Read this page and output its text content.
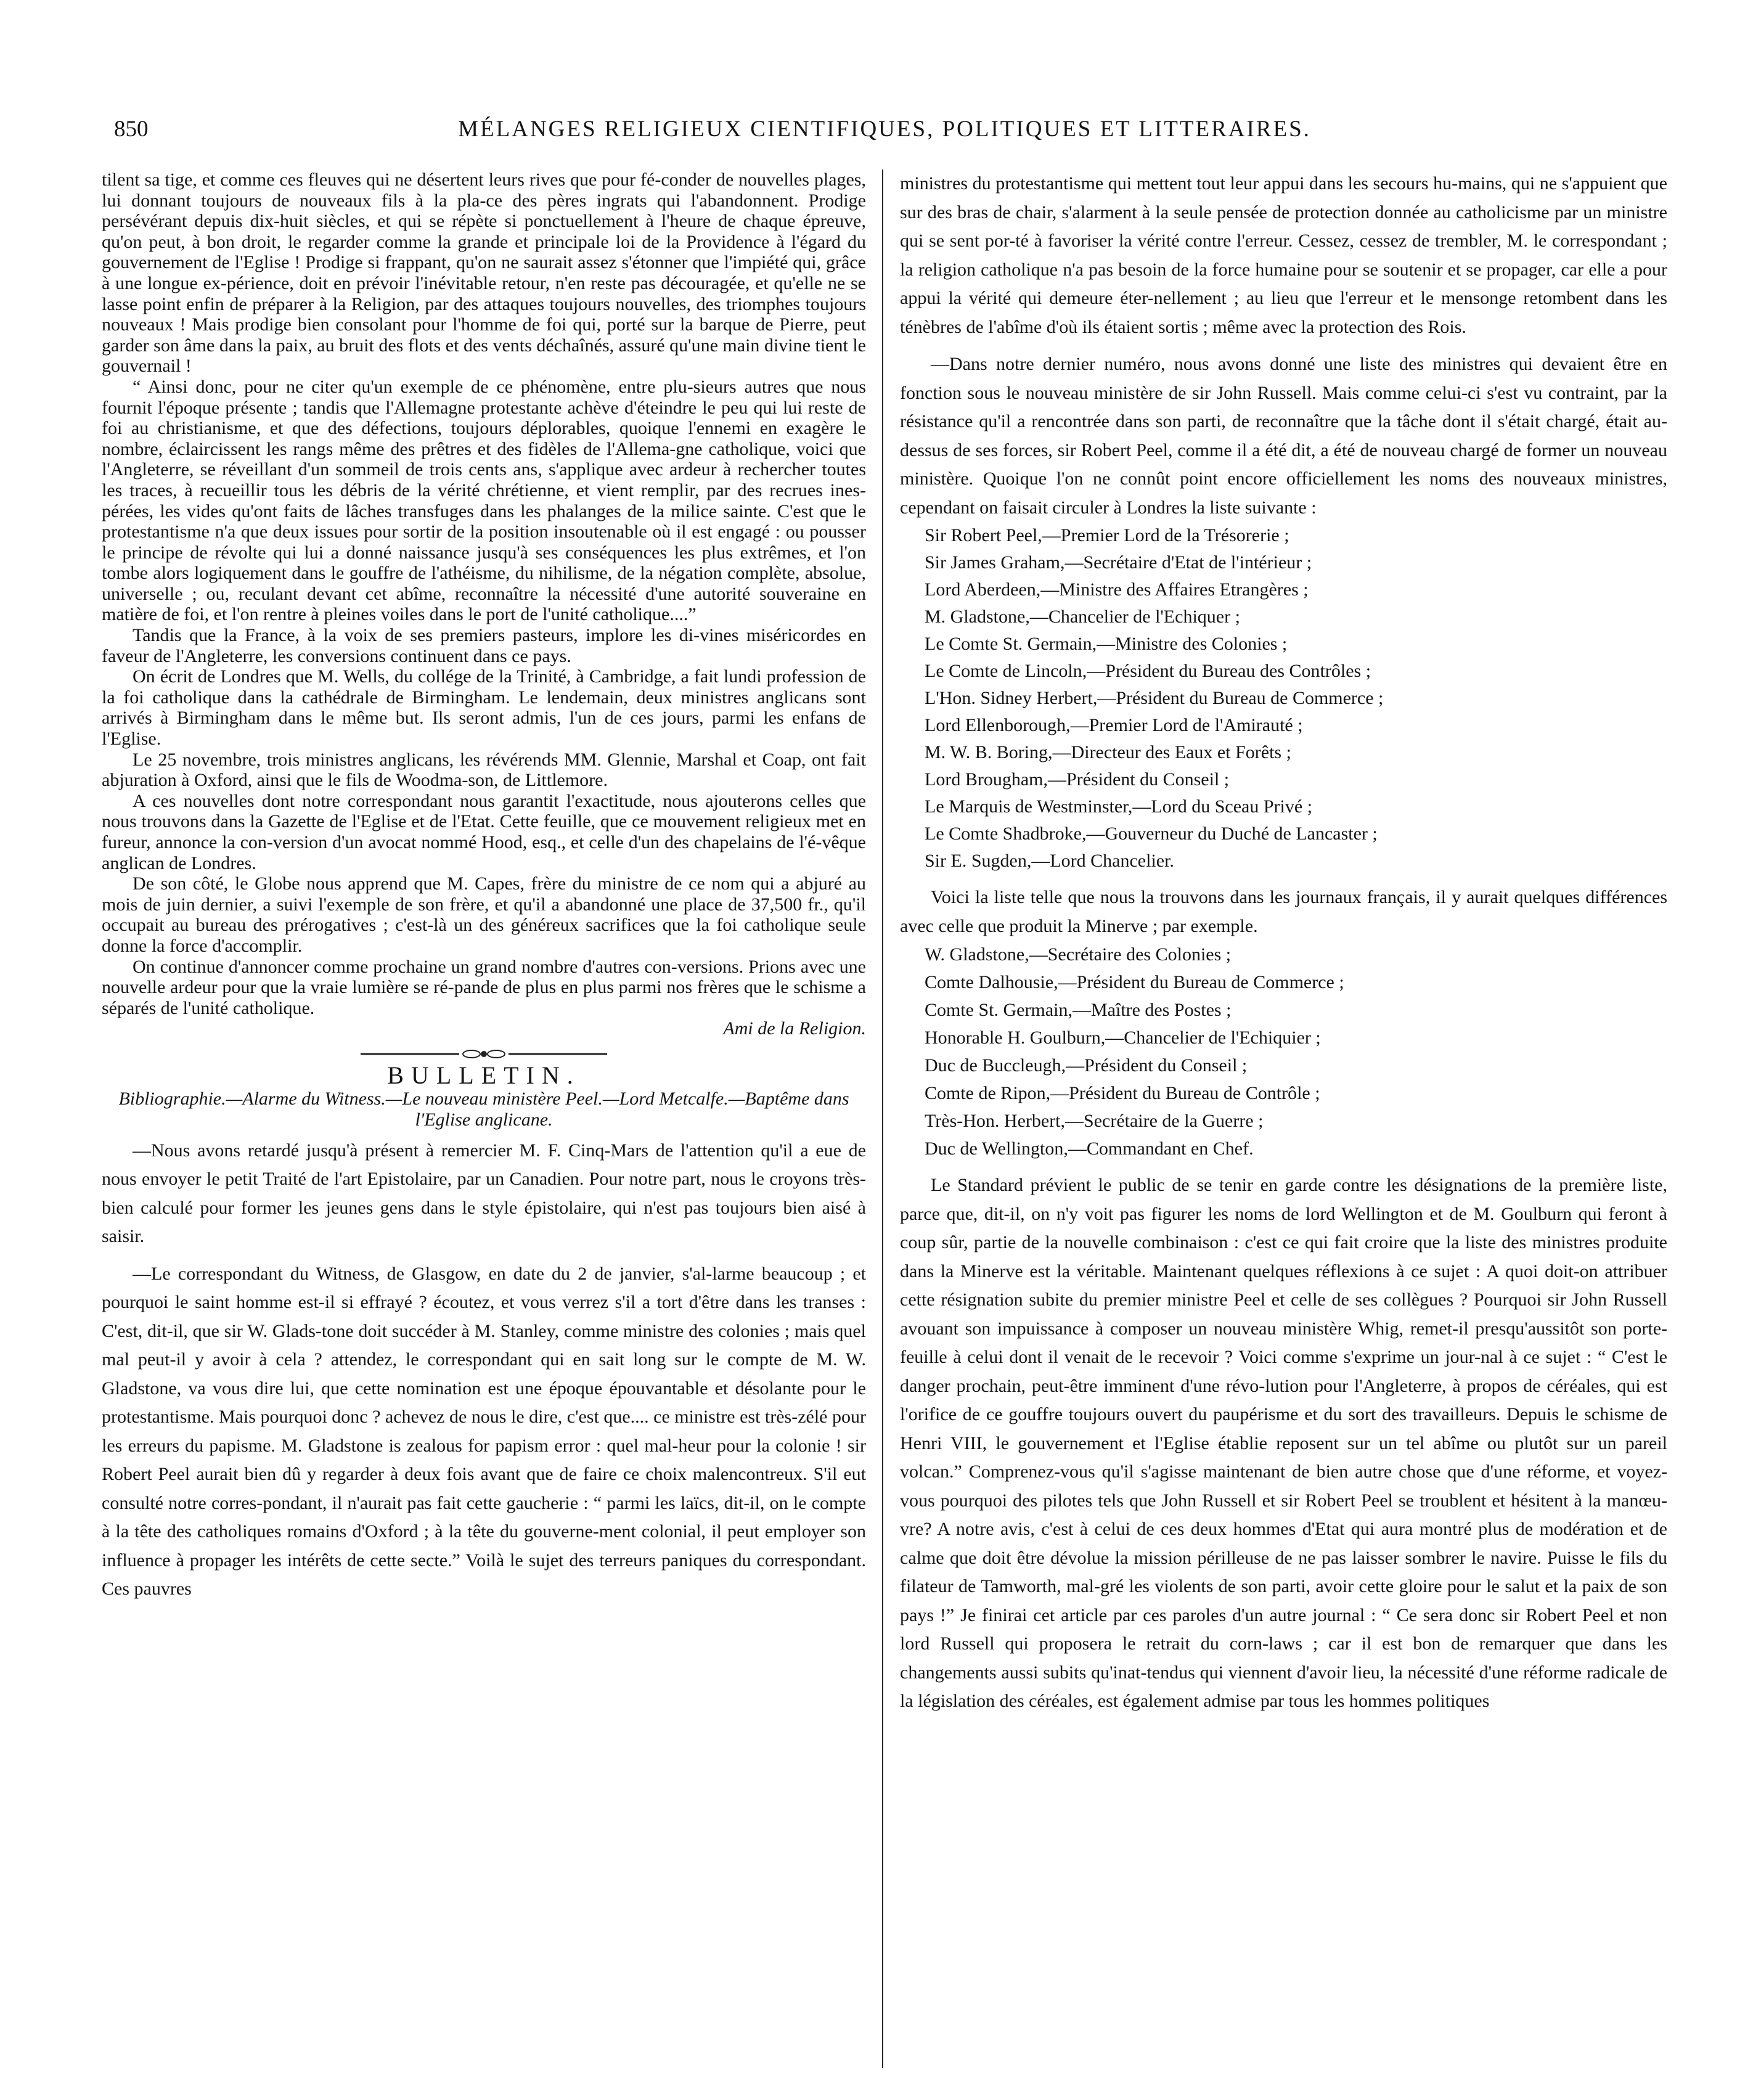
850	MÉLANGES RELIGIEUX CIENTIFIQUES, POLITIQUES ET LITTERAIRES.

tilent sa tige, et comme ces fleuves qui ne désertent leurs rives que pour fé-conder de nouvelles plages, lui donnant toujours de nouveaux fils à la pla-ce des pères ingrats qui l'abandonnent. Prodige persévérant depuis dix-huit siècles, et qui se répète si ponctuellement à l'heure de chaque épreuve, qu'on peut, à bon droit, le regarder comme la grande et principale loi de la Providence à l'égard du gouvernement de l'Eglise ! Prodige si frappant, qu'on ne saurait assez s'étonner que l'impiété qui, grâce à une longue ex-périence, doit en prévoir l'inévitable retour, n'en reste pas découragée, et qu'elle ne se lasse point enfin de préparer à la Religion, par des attaques toujours nouvelles, des triomphes toujours nouveaux ! Mais prodige bien consolant pour l'homme de foi qui, porté sur la barque de Pierre, peut garder son âme dans la paix, au bruit des flots et des vents déchaînés, assuré qu'une main divine tient le gouvernail !

“ Ainsi donc, pour ne citer qu'un exemple de ce phénomène, entre plu-sieurs autres que nous fournit l'époque présente ; tandis que l'Allemagne protestante achève d'éteindre le peu qui lui reste de foi au christianisme, et que des défections, toujours déplorables, quoique l'ennemi en exagère le nombre, éclaircissent les rangs même des prêtres et des fidèles de l'Allema-gne catholique, voici que l'Angleterre, se réveillant d'un sommeil de trois cents ans, s'applique avec ardeur à rechercher toutes les traces, à recueillir tous les débris de la vérité chrétienne, et vient remplir, par des recrues ines-pérées, les vides qu'ont faits de lâches transfuges dans les phalanges de la milice sainte. C'est que le protestantisme n'a que deux issues pour sortir de la position insoutenable où il est engagé : ou pousser le principe de révolte qui lui a donné naissance jusqu'à ses conséquences les plus extrêmes, et l'on tombe alors logiquement dans le gouffre de l'athéisme, du nihilisme, de la négation complète, absolue, universelle ; ou, reculant devant cet abîme, reconnaître la nécessité d'une autorité souveraine en matière de foi, et l'on rentre à pleines voiles dans le port de l'unité catholique....”

Tandis que la France, à la voix de ses premiers pasteurs, implore les di-vines miséricordes en faveur de l'Angleterre, les conversions continuent dans ce pays.

On écrit de Londres que M. Wells, du collége de la Trinité, à Cambridge, a fait lundi profession de la foi catholique dans la cathédrale de Birmingham. Le lendemain, deux ministres anglicans sont arrivés à Birmingham dans le même but. Ils seront admis, l'un de ces jours, parmi les enfans de l'Eglise.

Le 25 novembre, trois ministres anglicans, les révérends MM. Glennie, Marshal et Coap, ont fait abjuration à Oxford, ainsi que le fils de Woodma-son, de Littlemore.

A ces nouvelles dont notre correspondant nous garantit l'exactitude, nous ajouterons celles que nous trouvons dans la Gazette de l'Eglise et de l'Etat. Cette feuille, que ce mouvement religieux met en fureur, annonce la con-version d'un avocat nommé Hood, esq., et celle d'un des chapelains de l'é-vêque anglican de Londres.

De son côté, le Globe nous apprend que M. Capes, frère du ministre de ce nom qui a abjuré au mois de juin dernier, a suivi l'exemple de son frère, et qu'il a abandonné une place de 37,500 fr., qu'il occupait au bureau des prérogatives ; c'est-là un des généreux sacrifices que la foi catholique seule donne la force d'accomplir.

On continue d'annoncer comme prochaine un grand nombre d'autres con-versions. Prions avec une nouvelle ardeur pour que la vraie lumière se ré-pande de plus en plus parmi nos frères que le schisme a séparés de l'unité catholique.

Ami de la Religion.

BULLETIN.

Bibliographie.—Alarme du Witness.—Le nouveau ministère Peel.—Lord Metcalfe.—Baptême dans l'Eglise anglicane.

—Nous avons retardé jusqu'à présent à remercier M. F. Cinq-Mars de l'attention qu'il a eue de nous envoyer le petit Traité de l'art Epistolaire, par un Canadien. Pour notre part, nous le croyons très-bien calculé pour former les jeunes gens dans le style épistolaire, qui n'est pas toujours bien aisé à saisir.

—Le correspondant du Witness, de Glasgow, en date du 2 de janvier, s'al-larme beaucoup ; et pourquoi le saint homme est-il si effrayé ? écoutez, et vous verrez s'il a tort d'être dans les transes : C'est, dit-il, que sir W. Glads-tone doit succéder à M. Stanley, comme ministre des colonies ; mais quel mal peut-il y avoir à cela ? attendez, le correspondant qui en sait long sur le compte de M. W. Gladstone, va vous dire lui, que cette nomination est une époque épouvantable et désolante pour le protestantisme. Mais pourquoi donc ? achevez de nous le dire, c'est que.... ce ministre est très-zélé pour les erreurs du papisme. M. Gladstone is zealous for papism error : quel mal-heur pour la colonie ! sir Robert Peel aurait bien dû y regarder à deux fois avant que de faire ce choix malencontreux. S'il eut consulté notre corres-pondant, il n'aurait pas fait cette gaucherie : “ parmi les laïcs, dit-il, on le compte à la tête des catholiques romains d'Oxford ; à la tête du gouverne-ment colonial, il peut employer son influence à propager les intérêts de cette secte.” Voilà le sujet des terreurs paniques du correspondant. Ces pauvres

ministres du protestantisme qui mettent tout leur appui dans les secours hu-mains, qui ne s'appuient que sur des bras de chair, s'alarment à la seule pensée de protection donnée au catholicisme par un ministre qui se sent por-té à favoriser la vérité contre l'erreur. Cessez, cessez de trembler, M. le correspondant ; la religion catholique n'a pas besoin de la force humaine pour se soutenir et se propager, car elle a pour appui la vérité qui demeure éter-nellement ; au lieu que l'erreur et le mensonge retombent dans les ténèbres de l'abîme d'où ils étaient sortis ; même avec la protection des Rois.

—Dans notre dernier numéro, nous avons donné une liste des ministres qui devaient être en fonction sous le nouveau ministère de sir John Russell. Mais comme celui-ci s'est vu contraint, par la résistance qu'il a rencontrée dans son parti, de reconnaître que la tâche dont il s'était chargé, était au-dessus de ses forces, sir Robert Peel, comme il a été dit, a été de nouveau chargé de former un nouveau ministère. Quoique l'on ne connût point encore officiellement les noms des nouveaux ministres, cependant on faisait circuler à Londres la liste suivante :

Sir Robert Peel,—Premier Lord de la Trésorerie ;
Sir James Graham,—Secrétaire d'Etat de l'intérieur ;
Lord Aberdeen,—Ministre des Affaires Etrangères ;
M. Gladstone,—Chancelier de l'Echiquer ;
Le Comte St. Germain,—Ministre des Colonies ;
Le Comte de Lincoln,—Président du Bureau des Contrôles ;
L'Hon. Sidney Herbert,—Président du Bureau de Commerce ;
Lord Ellenborough,—Premier Lord de l'Amirauté ;
M. W. B. Boring,—Directeur des Eaux et Forêts ;
Lord Brougham,—Président du Conseil ;
Le Marquis de Westminster,—Lord du Sceau Privé ;
Le Comte Shadbroke,—Gouverneur du Duché de Lancaster ;
Sir E. Sugden,—Lord Chancelier.

Voici la liste telle que nous la trouvons dans les journaux français, il y aurait quelques différences avec celle que produit la Minerve ; par exemple.

W. Gladstone,—Secrétaire des Colonies ;
Comte Dalhousie,—Président du Bureau de Commerce ;
Comte St. Germain,—Maître des Postes ;
Honorable H. Goulburn,—Chancelier de l'Echiquier ;
Duc de Buccleugh,—Président du Conseil ;
Comte de Ripon,—Président du Bureau de Contrôle ;
Très-Hon. Herbert,—Secrétaire de la Guerre ;
Duc de Wellington,—Commandant en Chef.

Le Standard prévient le public de se tenir en garde contre les désignations de la première liste, parce que, dit-il, on n'y voit pas figurer les noms de lord Wellington et de M. Goulburn qui feront à coup sûr, partie de la nouvelle combinaison : c'est ce qui fait croire que la liste des ministres produite dans la Minerve est la véritable. Maintenant quelques réflexions à ce sujet : A quoi doit-on attribuer cette résignation subite du premier ministre Peel et celle de ses collègues ? Pourquoi sir John Russell avouant son impuissance à composer un nouveau ministère Whig, remet-il presqu'aussitôt son porte-feuille à celui dont il venait de le recevoir ? Voici comme s'exprime un jour-nal à ce sujet : “ C'est le danger prochain, peut-être imminent d'une révo-lution pour l'Angleterre, à propos de céréales, qui est l'orifice de ce gouffre toujours ouvert du paupérisme et du sort des travailleurs. Depuis le schisme de Henri VIII, le gouvernement et l'Eglise établie reposent sur un tel abîme ou plutôt sur un pareil volcan.” Comprenez-vous qu'il s'agisse maintenant de bien autre chose que d'une réforme, et voyez-vous pourquoi des pilotes tels que John Russell et sir Robert Peel se troublent et hésitent à la manœu-vre? A notre avis, c'est à celui de ces deux hommes d'Etat qui aura montré plus de modération et de calme que doit être dévolue la mission périlleuse de ne pas laisser sombrer le navire. Puisse le fils du filateur de Tamworth, mal-gré les violents de son parti, avoir cette gloire pour le salut et la paix de son pays !” Je finirai cet article par ces paroles d'un autre journal : “ Ce sera donc sir Robert Peel et non lord Russell qui proposera le retrait du corn-laws ; car il est bon de remarquer que dans les changements aussi subits qu'inat-tendus qui viennent d'avoir lieu, la nécessité d'une réforme radicale de la législation des céréales, est également admise par tous les hommes politiques
